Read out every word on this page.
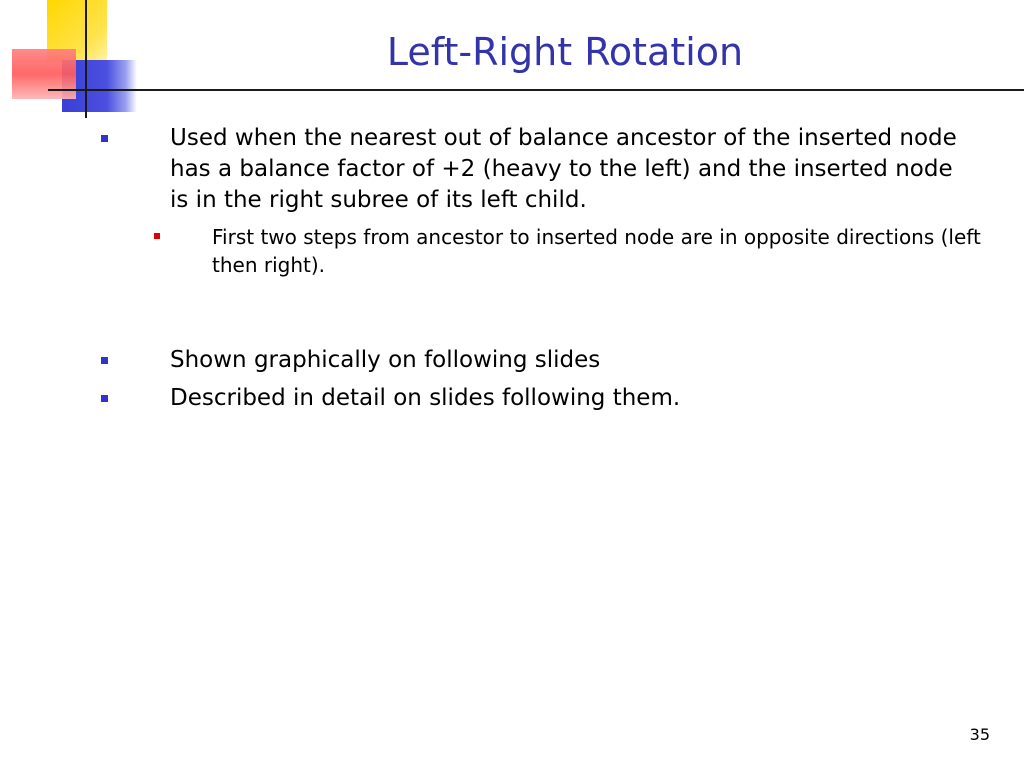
Left-Right Rotation
Used when the nearest out of balance ancestor of the inserted node has a balance factor of +2 (heavy to the left) and the inserted node is in the right subree of its left child.
First two steps from ancestor to inserted node are in opposite directions (left then right).
Shown graphically on following slides
Described in detail on slides following them.
35
